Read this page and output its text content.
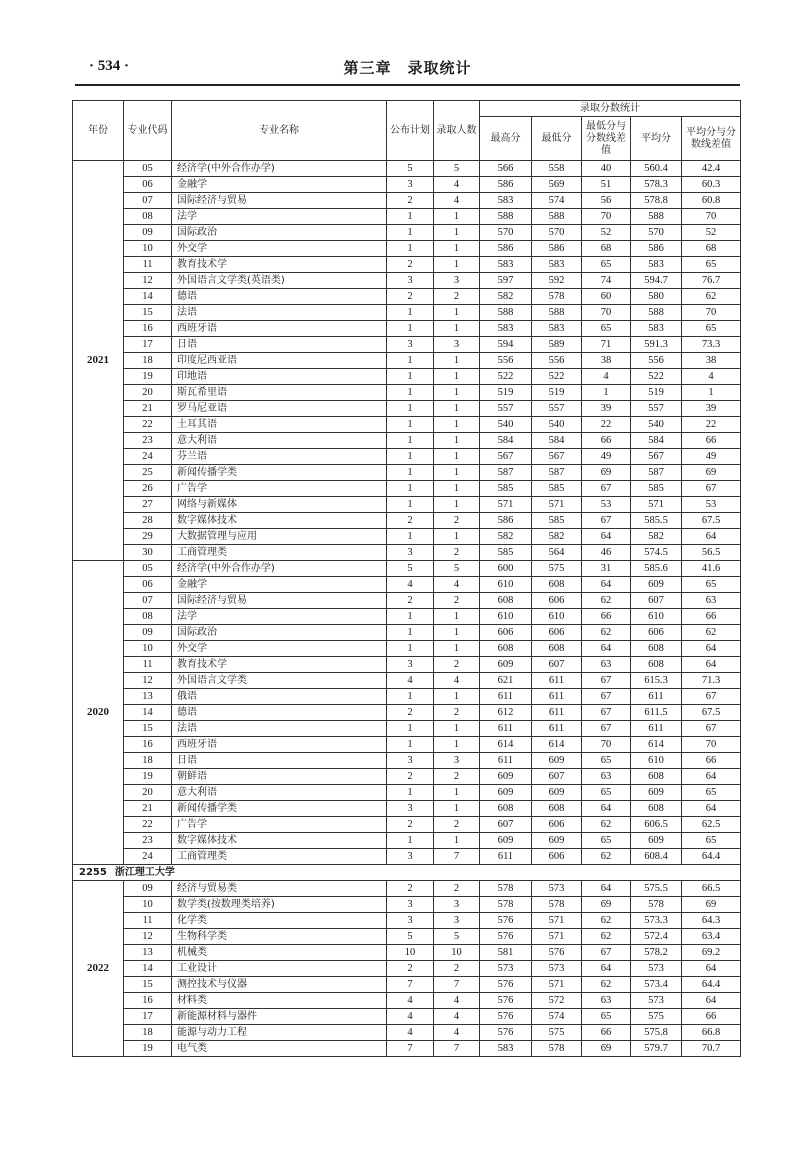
· 534 ·	第三章　录取统计
年份	专业代码	专业名称	公布计划	录取人数	录取分数统计				
					最高分	最低分	最低分与分数线差值	平均分	平均分与分数线差值
2021	05	经济学(中外合作办学)	5	5	566	558	40	560.4	42.4
	06	金融学	3	4	586	569	51	578.3	60.3
	07	国际经济与贸易	2	4	583	574	56	578.8	60.8
	08	法学	1	1	588	588	70	588	70
	09	国际政治	1	1	570	570	52	570	52
	10	外交学	1	1	586	586	68	586	68
	11	教育技术学	2	1	583	583	65	583	65
	12	外国语言文学类(英语类)	3	3	597	592	74	594.7	76.7
	14	德语	2	2	582	578	60	580	62
	15	法语	1	1	588	588	70	588	70
	16	西班牙语	1	1	583	583	65	583	65
	17	日语	3	3	594	589	71	591.3	73.3
	18	印度尼西亚语	1	1	556	556	38	556	38
	19	印地语	1	1	522	522	4	522	4
	20	斯瓦希里语	1	1	519	519	1	519	1
	21	罗马尼亚语	1	1	557	557	39	557	39
	22	土耳其语	1	1	540	540	22	540	22
	23	意大利语	1	1	584	584	66	584	66
	24	芬兰语	1	1	567	567	49	567	49
	25	新闻传播学类	1	1	587	587	69	587	69
	26	广告学	1	1	585	585	67	585	67
	27	网络与新媒体	1	1	571	571	53	571	53
	28	数字媒体技术	2	2	586	585	67	585.5	67.5
	29	大数据管理与应用	1	1	582	582	64	582	64
	30	工商管理类	3	2	585	564	46	574.5	56.5
2020	05	经济学(中外合作办学)	5	5	600	575	31	585.6	41.6
	06	金融学	4	4	610	608	64	609	65
	07	国际经济与贸易	2	2	608	606	62	607	63
	08	法学	1	1	610	610	66	610	66
	09	国际政治	1	1	606	606	62	606	62
	10	外交学	1	1	608	608	64	608	64
	11	教育技术学	3	2	609	607	63	608	64
	12	外国语言文学类	4	4	621	611	67	615.3	71.3
	13	俄语	1	1	611	611	67	611	67
	14	德语	2	2	612	611	67	611.5	67.5
	15	法语	1	1	611	611	67	611	67
	16	西班牙语	1	1	614	614	70	614	70
	18	日语	3	3	611	609	65	610	66
	19	朝鲜语	2	2	609	607	63	608	64
	20	意大利语	1	1	609	609	65	609	65
	21	新闻传播学类	3	1	608	608	64	608	64
	22	广告学	2	2	607	606	62	606.5	62.5
	23	数字媒体技术	1	1	609	609	65	609	65
	24	工商管理类	3	7	611	606	62	608.4	64.4
2255 浙江理工大学									
2022	09	经济与贸易类	2	2	578	573	64	575.5	66.5
	10	数学类(按数理类培养)	3	3	578	578	69	578	69
	11	化学类	3	3	576	571	62	573.3	64.3
	12	生物科学类	5	5	576	571	62	572.4	63.4
	13	机械类	10	10	581	576	67	578.2	69.2
	14	工业设计	2	2	573	573	64	573	64
	15	测控技术与仪器	7	7	576	571	62	573.4	64.4
	16	材料类	4	4	576	572	63	573	64
	17	新能源材料与器件	4	4	576	574	65	575	66
	18	能源与动力工程	4	4	576	575	66	575.8	66.8
	19	电气类	7	7	583	578	69	579.7	70.7
